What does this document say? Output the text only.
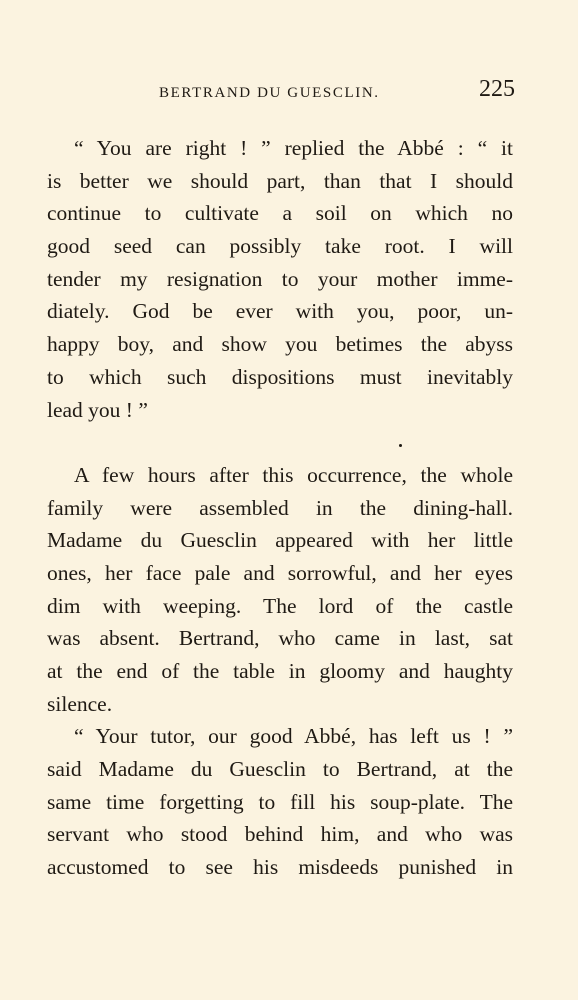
BERTRAND DU GUESCLIN.	225
“ You are right ! ” replied the Abbé : “ it
is better we should part, than that I should
continue to cultivate a soil on which no
good seed can possibly take root. I will
tender my resignation to your mother imme-
diately. God be ever with you, poor, un-
happy boy, and show you betimes the abyss
to which such dispositions must inevitably
lead you ! ”
A few hours after this occurrence, the whole
family were assembled in the dining-hall.
Madame du Guesclin appeared with her little
ones, her face pale and sorrowful, and her eyes
dim with weeping. The lord of the castle
was absent. Bertrand, who came in last, sat
at the end of the table in gloomy and haughty
silence.
“ Your tutor, our good Abbé, has left us ! ”
said Madame du Guesclin to Bertrand, at the
same time forgetting to fill his soup-plate. The
servant who stood behind him, and who was
accustomed to see his misdeeds punished in
